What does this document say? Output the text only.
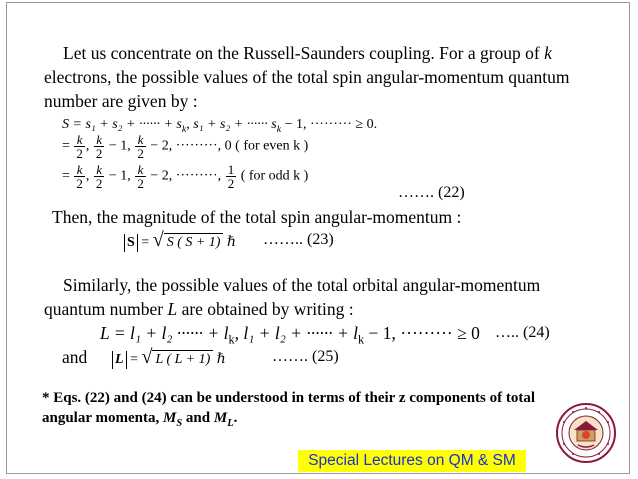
Let us concentrate on the Russell-Saunders coupling. For a group of k
electrons, the possible values of the total spin angular-momentum quantum
number are given by :
S = s₁ + s₂ + ······ + $s_k$, s₁ + s₂ + ······ $s_k - 1$, ········· ≥ 0.
= $\frac{k}{2}$ , $\frac{k}{2} - 1$, $\frac{k}{2} - 2$, ·········, 0 ( for even k )
= $\frac{k}{2}$ , $\frac{k}{2} - 1$, $\frac{k}{2} - 2$, ·········, $\frac{1}{2}$ ( for odd k )
……. (22)
Then, the magnitude of the total spin angular-momentum :
S = √ S ( S + 1) ℏ …….. (23)
Similarly, the possible values of the total orbital angular-momentum
quantum number L are obtained by writing :
L = l₁ + l₂ ······ + $l_k$, l₁ + l₂ + ······ + $l_k - 1$, ········· ≥ 0 ….. (24)
and L = √ L ( L + 1) ℏ	……. (25)
* Eqs. (22) and (24) can be understood in terms of their z components of total
angular momenta, $M_S$ and $M_L$.
Special Lectures on QM & SM
